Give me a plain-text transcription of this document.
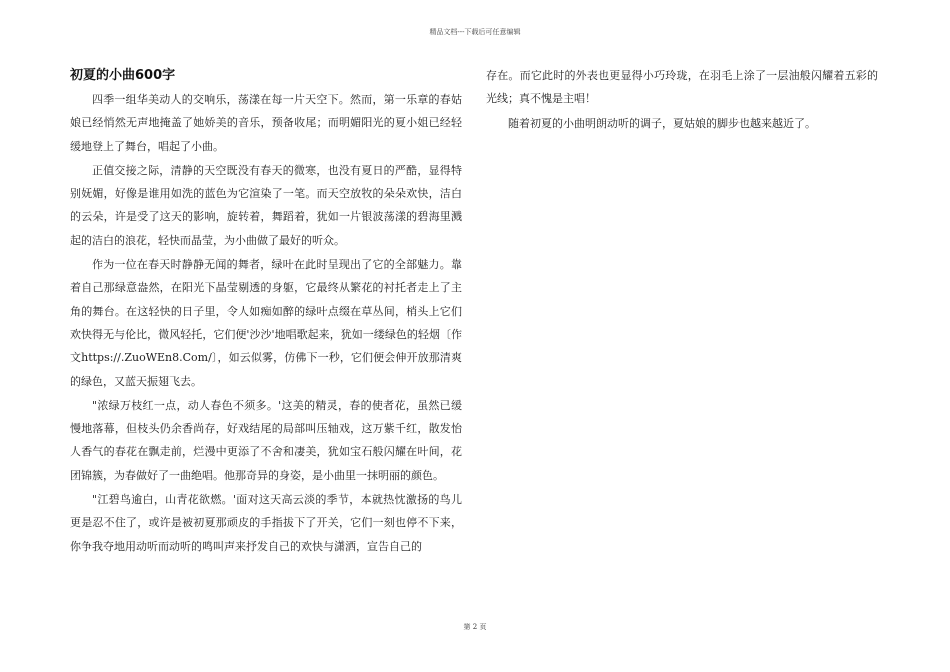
精品文档---下载后可任意编辑
初夏的小曲600字

四季一组华美动人的交响乐，荡漾在每一片天空下。然而，第一乐章的春姑娘已经悄然无声地掩盖了她娇美的音乐，预备收尾；而明媚阳光的夏小姐已经轻缓地登上了舞台，唱起了小曲。

正值交接之际，清静的天空既没有春天的微寒，也没有夏日的严酷，显得特别妩媚，好像是谁用如洗的蓝色为它渲染了一笔。而天空放牧的朵朵欢快，洁白的云朵，许是受了这天的影响，旋转着，舞蹈着，犹如一片银波荡漾的碧海里溅起的洁白的浪花，轻快而晶莹，为小曲做了最好的听众。

作为一位在春天时静静无闻的舞者，绿叶在此时呈现出了它的全部魅力。靠着自己那绿意盎然，在阳光下晶莹剔透的身躯，它最终从繁花的衬托者走上了主角的舞台。在这轻快的日子里，令人如痴如醉的绿叶点缀在草丛间，梢头上它们欢快得无与伦比，微风轻托，它们便'沙沙'地唱歌起来，犹如一缕绿色的轻烟〔作文https://.ZuoWEn8.Com/〕，如云似雾，仿佛下一秒，它们便会伸开放那清爽的绿色，又蓝天振翅飞去。

"浓绿万枝红一点，动人春色不须多。'这美的精灵，春的使者花，虽然已缓慢地落幕，但枝头仍余香尚存，好戏结尾的局部叫压轴戏，这万紫千红，散发怡人香气的春花在飘走前，烂漫中更添了不舍和凄美，犹如宝石般闪耀在叶间，花团锦簇，为春做好了一曲绝唱。他那奇异的身姿，是小曲里一抹明丽的颜色。

"江碧鸟逾白，山青花欲燃。'面对这天高云淡的季节，本就热忱激扬的鸟儿更是忍不住了，或许是被初夏那顽皮的手指拔下了开关，它们一刻也停不下来，你争我夺地用动听而动听的鸣叫声来抒发自己的欢快与潇洒，宣告自己的

存在。而它此时的外表也更显得小巧玲珑，在羽毛上涂了一层油般闪耀着五彩的光线；真不愧是主唱！

随着初夏的小曲明朗动听的调子，夏姑娘的脚步也越来越近了。

第 2 页
